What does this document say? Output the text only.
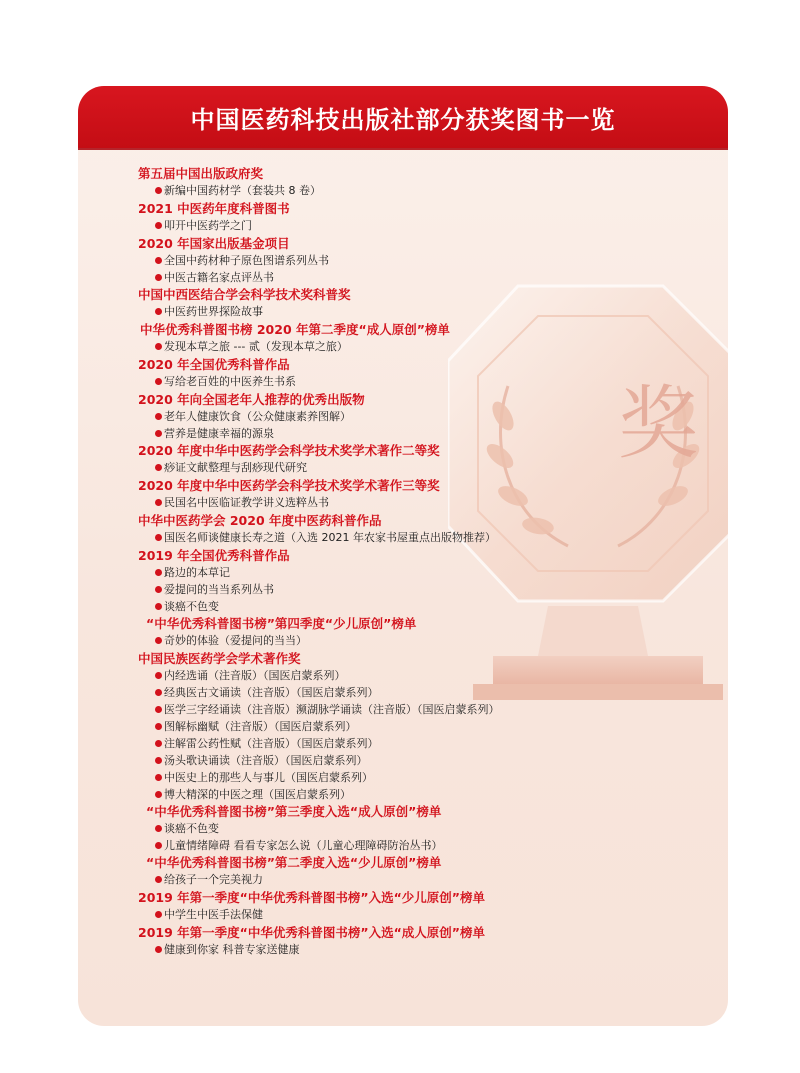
中国医药科技出版社部分获奖图书一览
奖
第五届中国出版政府奖
新编中国药材学（套装共 8 卷）
2021 中医药年度科普图书
叩开中医药学之门
2020 年国家出版基金项目
全国中药材种子原色图谱系列丛书
中医古籍名家点评丛书
中国中西医结合学会科学技术奖科普奖
中医药世界探险故事
中华优秀科普图书榜 2020 年第二季度“成人原创”榜单
发现本草之旅 --- 贰（发现本草之旅）
2020 年全国优秀科普作品
写给老百姓的中医养生书系
2020 年向全国老年人推荐的优秀出版物
老年人健康饮食（公众健康素养图解）
营养是健康幸福的源泉
2020 年度中华中医药学会科学技术奖学术著作二等奖
痧证文献整理与刮痧现代研究
2020 年度中华中医药学会科学技术奖学术著作三等奖
民国名中医临证教学讲义选粹丛书
中华中医药学会 2020 年度中医药科普作品
国医名师谈健康长寿之道（入选 2021 年农家书屋重点出版物推荐）
2019 年全国优秀科普作品
路边的本草记
爱提问的当当系列丛书
谈癌不色变
“中华优秀科普图书榜”第四季度“少儿原创”榜单
奇妙的体验（爱提问的当当）
中国民族医药学会学术著作奖
内经选诵（注音版）（国医启蒙系列）
经典医古文诵读（注音版）（国医启蒙系列）
医学三字经诵读（注音版）濒湖脉学诵读（注音版）（国医启蒙系列）
图解标幽赋（注音版）（国医启蒙系列）
注解雷公药性赋（注音版）（国医启蒙系列）
汤头歌诀诵读（注音版）（国医启蒙系列）
中医史上的那些人与事儿（国医启蒙系列）
博大精深的中医之理（国医启蒙系列）
“中华优秀科普图书榜”第三季度入选“成人原创”榜单
谈癌不色变
儿童情绪障碍 看看专家怎么说（儿童心理障碍防治丛书）
“中华优秀科普图书榜”第二季度入选“少儿原创”榜单
给孩子一个完美视力
2019 年第一季度“中华优秀科普图书榜”入选“少儿原创”榜单
中学生中医手法保健
2019 年第一季度“中华优秀科普图书榜”入选“成人原创”榜单
健康到你家 科普专家送健康
